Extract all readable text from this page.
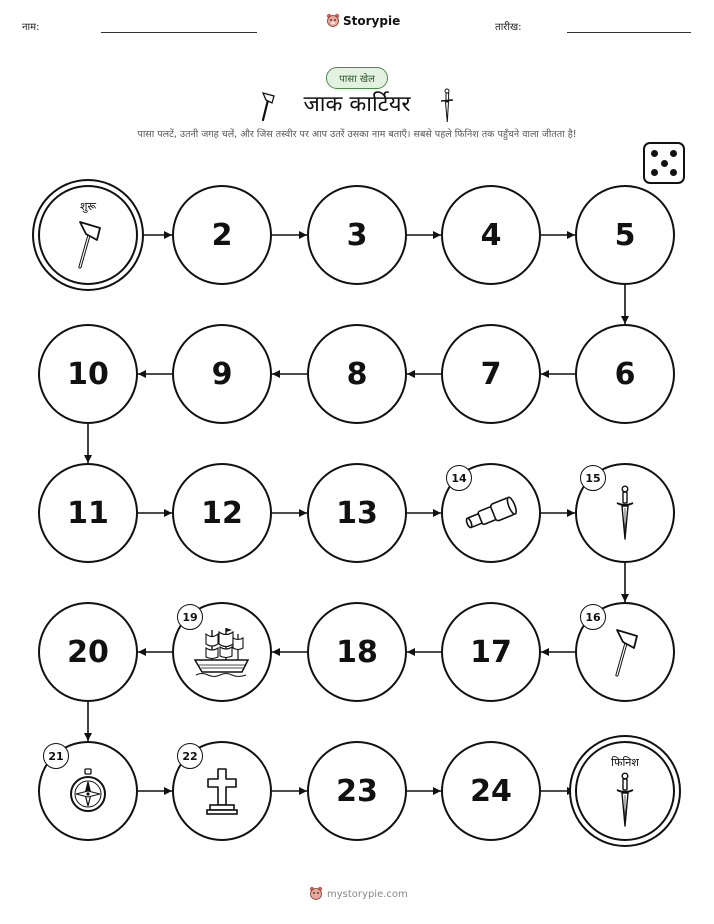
नाम:	Storypie	तारीख:
पासा खेल
जाक कार्टियर
पासा पलटें, उतनी जगह चलें, और जिस तस्वीर पर आप उतरें उसका नाम बताएँ। सबसे पहले फिनिश तक पहुँचने वाला जीतता है!
शुरू
2	3	4	5
6
7
8
9
10
11	12	13
14	15
16
17
18
19
20
21	22
23	24
फिनिश
mystorypie.com
